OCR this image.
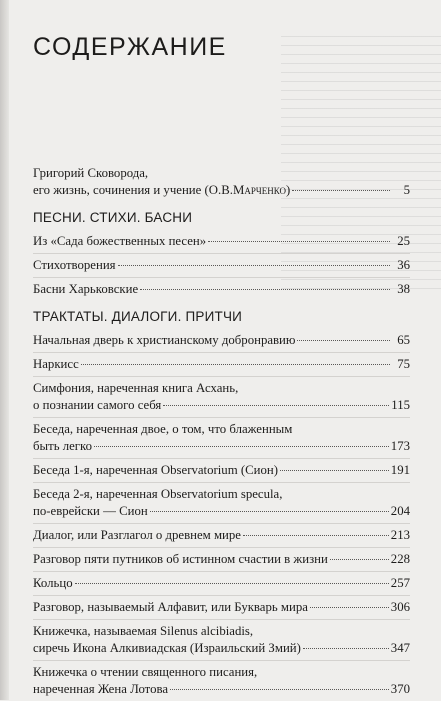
СОДЕРЖАНИЕ
Григорий Сковорода,
его жизнь, сочинения и учение ( О.В. Марченко )	5
ПЕСНИ. СТИХИ. БАСНИ
Из «Сада божественных песен»	25
Стихотворения	36
Басни Харьковские	38
ТРАКТАТЫ. ДИАЛОГИ. ПРИТЧИ
Начальная дверь к христианскому добронравию	65
Наркисс	75
Симфония, нареченная книга Асхань,
о познании самого себя	115
Беседа, нареченная двое, о том, что блаженным
быть легко	173
Беседа 1-я, нареченная Observatorium (Сион)	191
Беседа 2-я, нареченная Observatorium specula,
по-еврейски — Сион	204
Диалог, или Разглагол о древнем мире	213
Разговор пяти путников об истинном счастии в жизни	228
Кольцо	257
Разговор, называемый Алфавит, или Букварь мира	306
Книжечка, называемая Silenus alcibiadis,
сиречь Икона Алкивиадская (Израильский Змий)	347
Книжечка о чтении священного писания,
нареченная Жена Лотова	370
